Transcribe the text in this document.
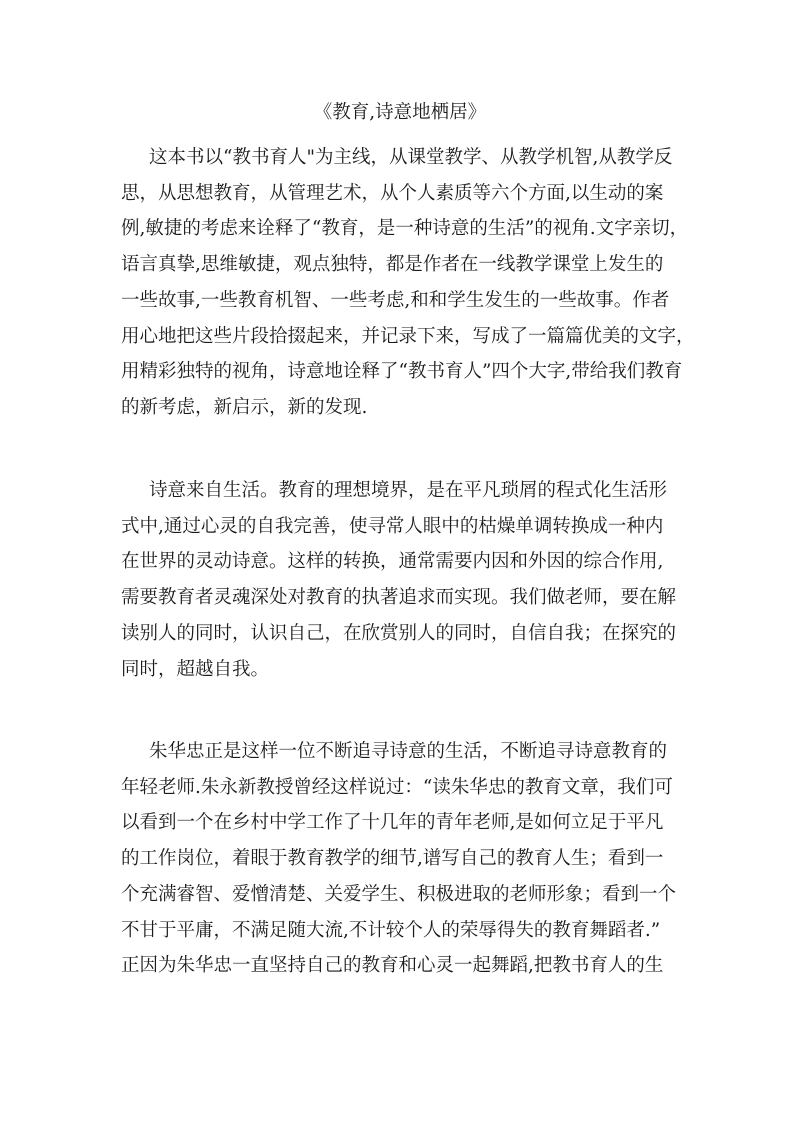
《教育,诗意地栖居》
这本书以“教书育人"为主线，从课堂教学、从教学机智,从教学反
思，从思想教育，从管理艺术，从个人素质等六个方面,以生动的案
例,敏捷的考虑来诠释了“教育，是一种诗意的生活”的视角.文字亲切，
语言真挚,思维敏捷，观点独特，都是作者在一线教学课堂上发生的
一些故事,一些教育机智、一些考虑,和和学生发生的一些故事。作者
用心地把这些片段拾掇起来，并记录下来，写成了一篇篇优美的文字，
用精彩独特的视角，诗意地诠释了“教书育人”四个大字,带给我们教育
的新考虑，新启示，新的发现.
诗意来自生活。教育的理想境界，是在平凡琐屑的程式化生活形
式中,通过心灵的自我完善，使寻常人眼中的枯燥单调转换成一种内
在世界的灵动诗意。这样的转换，通常需要内因和外因的综合作用,
需要教育者灵魂深处对教育的执著追求而实现。我们做老师，要在解
读别人的同时，认识自己，在欣赏别人的同时，自信自我；在探究的
同时，超越自我。
朱华忠正是这样一位不断追寻诗意的生活，不断追寻诗意教育的
年轻老师.朱永新教授曾经这样说过：“读朱华忠的教育文章，我们可
以看到一个在乡村中学工作了十几年的青年老师,是如何立足于平凡
的工作岗位，着眼于教育教学的细节,谱写自己的教育人生；看到一
个充满睿智、爱憎清楚、关爱学生、积极进取的老师形象；看到一个
不甘于平庸，不满足随大流,不计较个人的荣辱得失的教育舞蹈者.”
正因为朱华忠一直坚持自己的教育和心灵一起舞蹈,把教书育人的生
